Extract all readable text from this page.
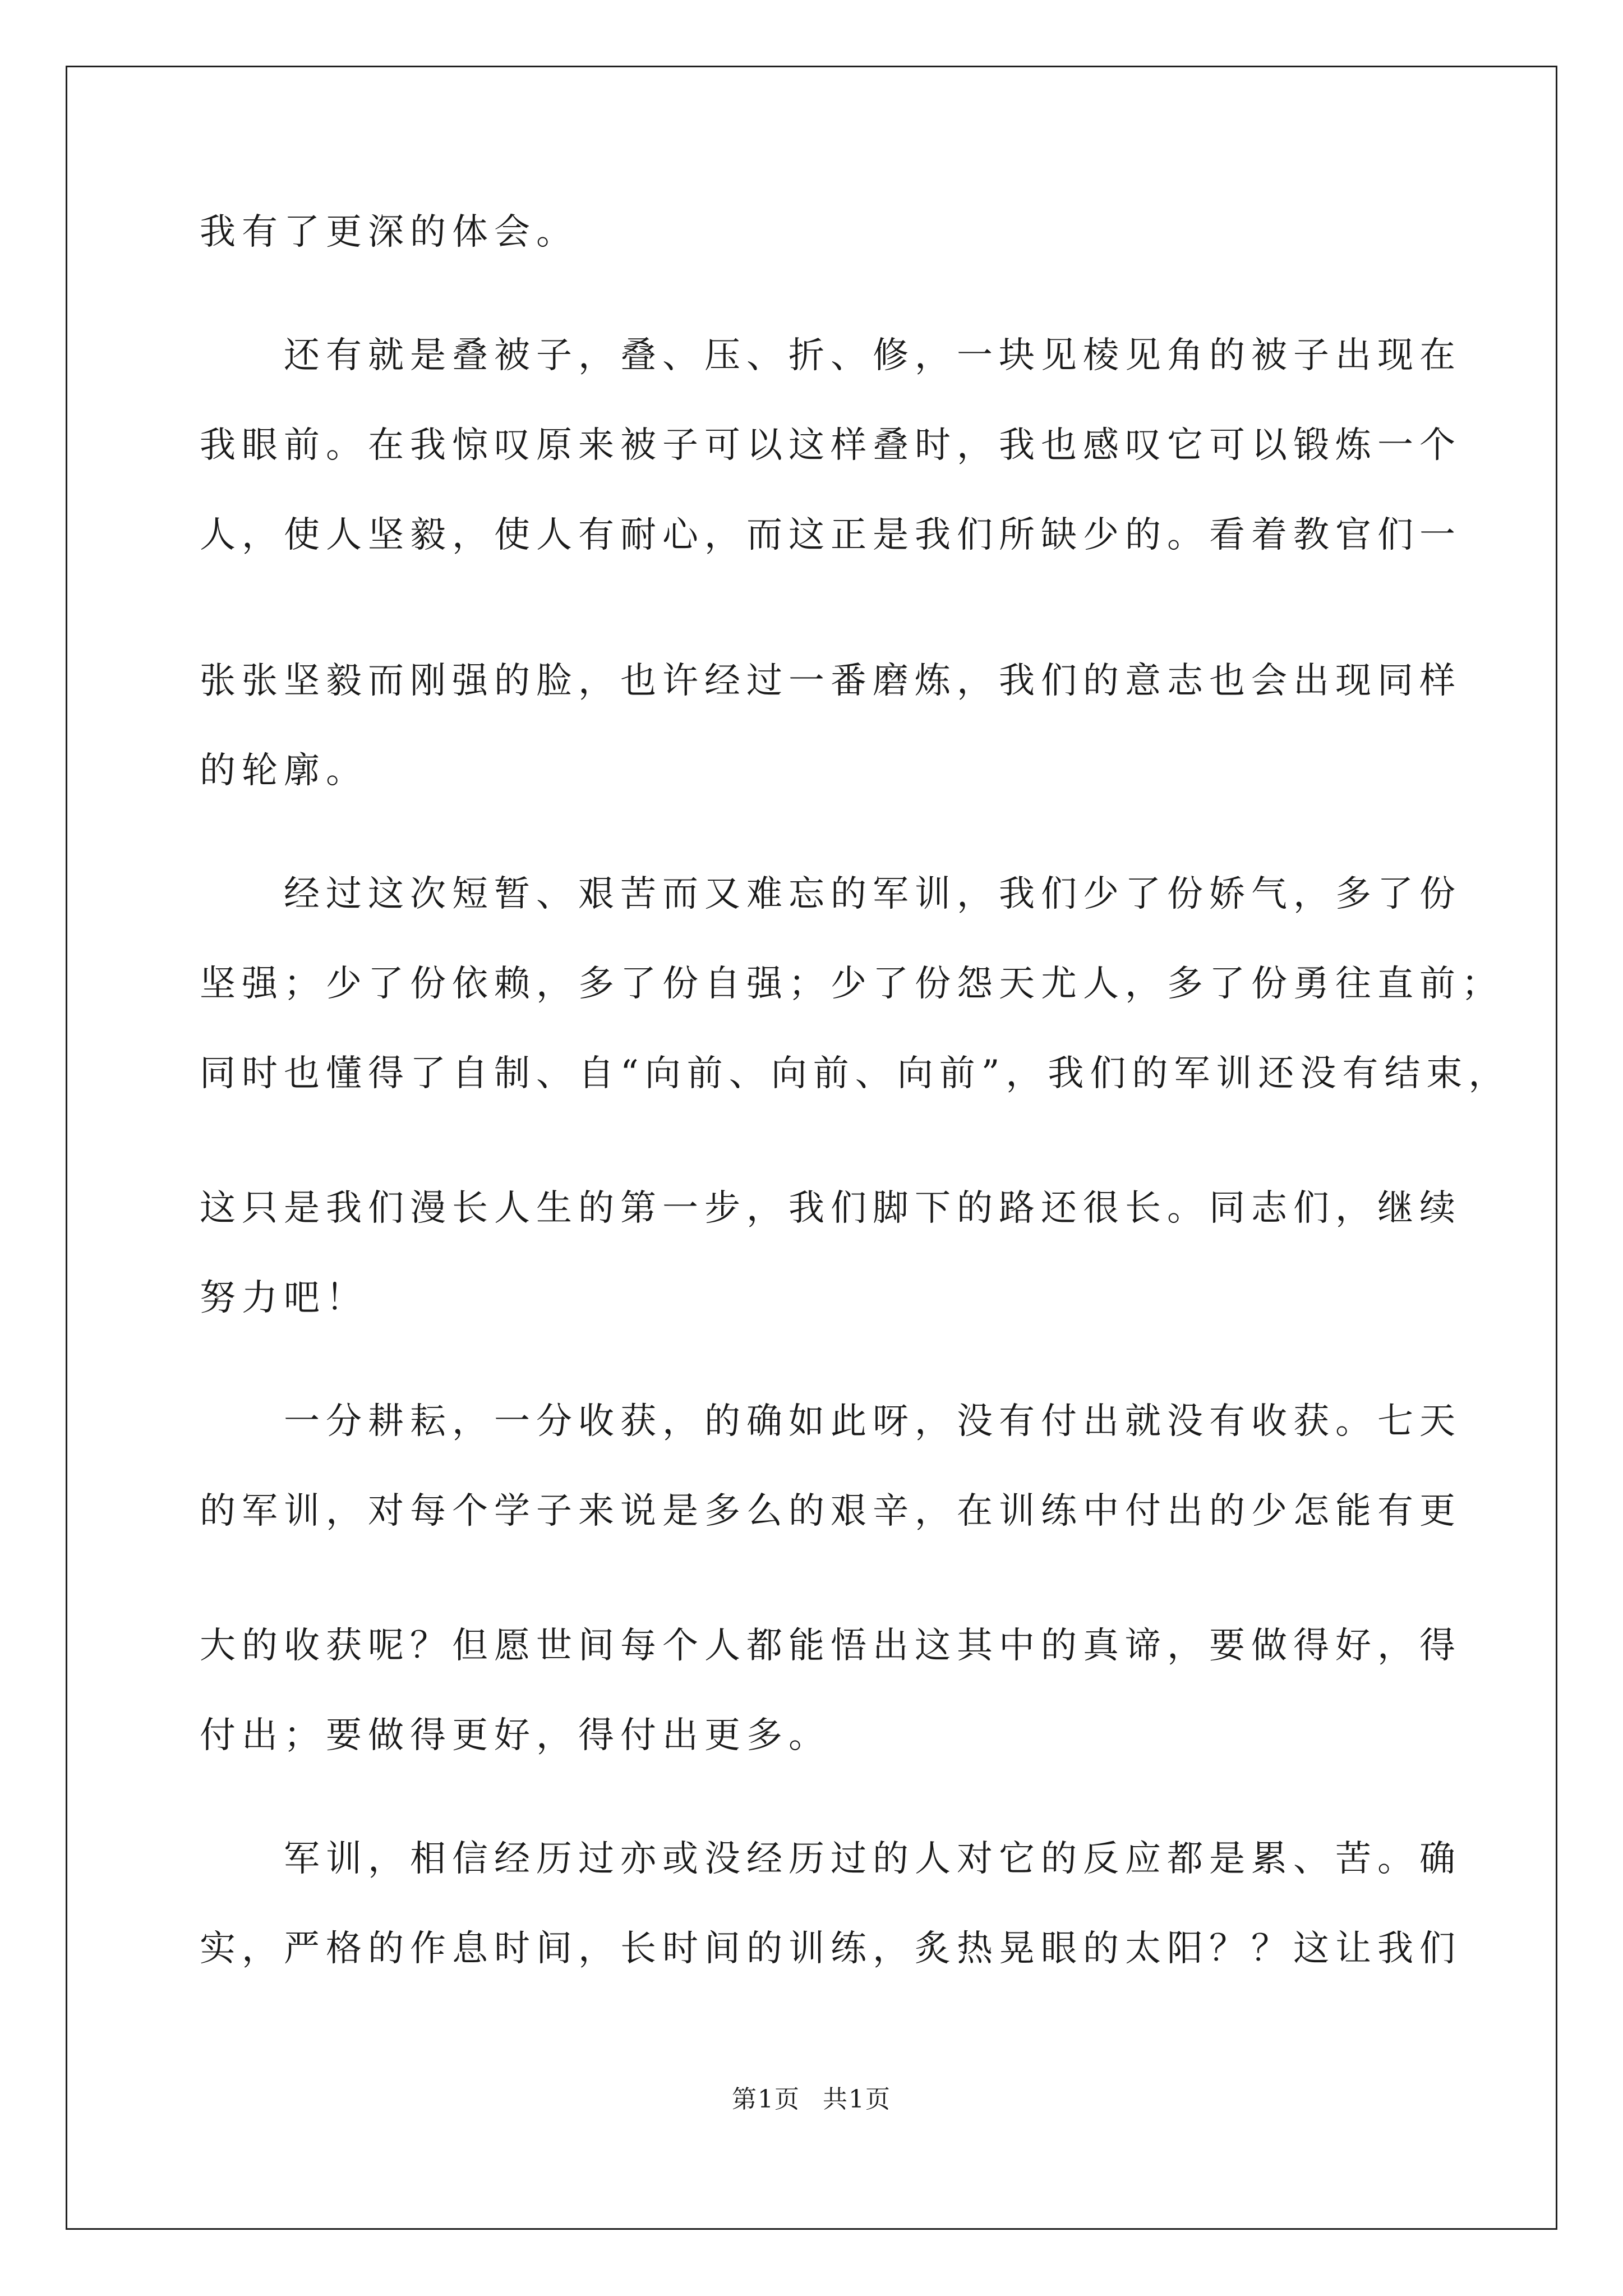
我有了更深的体会。
　　还有就是叠被子，叠、压、折、修，一块见棱见角的被子出现在
我眼前。在我惊叹原来被子可以这样叠时，我也感叹它可以锻炼一个
人，使人坚毅，使人有耐心，而这正是我们所缺少的。看着教官们一
张张坚毅而刚强的脸，也许经过一番磨炼，我们的意志也会出现同样
的轮廓。
　　经过这次短暂、艰苦而又难忘的军训，我们少了份娇气，多了份
坚强；少了份依赖，多了份自强；少了份怨天尤人，多了份勇往直前；
同时也懂得了自制、自“向前、向前、向前”，我们的军训还没有结束，
这只是我们漫长人生的第一步，我们脚下的路还很长。同志们，继续
努力吧！
　　一分耕耘，一分收获，的确如此呀，没有付出就没有收获。七天
的军训，对每个学子来说是多么的艰辛，在训练中付出的少怎能有更
大的收获呢？但愿世间每个人都能悟出这其中的真谛，要做得好，得
付出；要做得更好，得付出更多。
　　军训，相信经历过亦或没经历过的人对它的反应都是累、苦。确
实，严格的作息时间，长时间的训练，炙热晃眼的太阳？？这让我们
第1页 共1页
